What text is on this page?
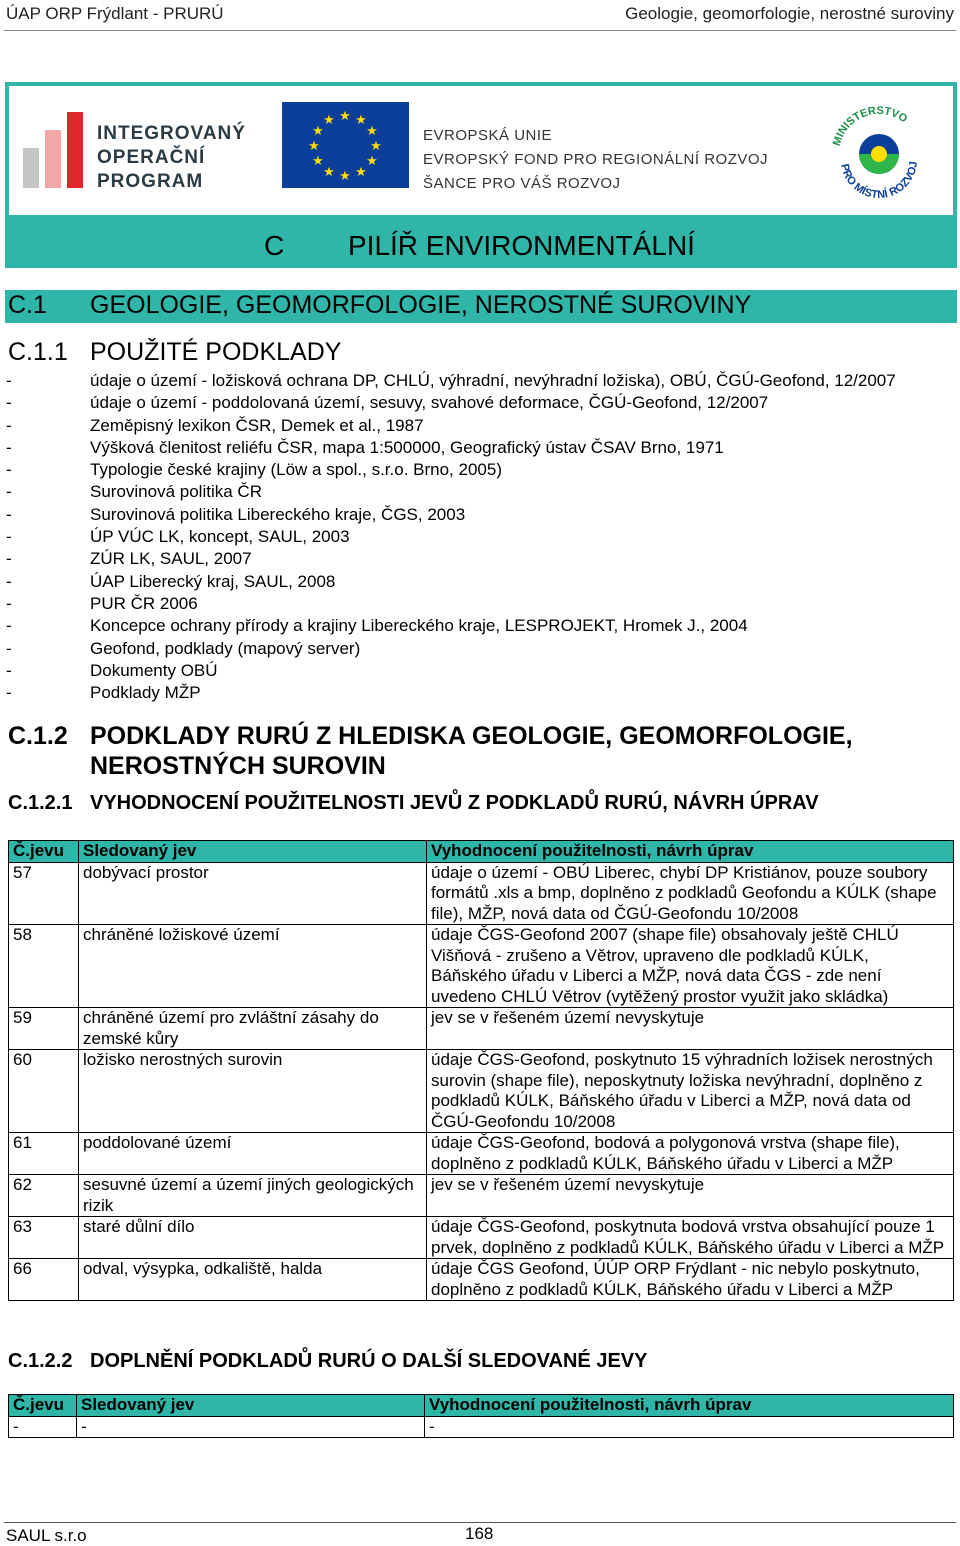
ÚAP ORP Frýdlant - PRURÚ	Geologie, geomorfologie, nerostné suroviny
INTEGROVANÝ
OPERAČNÍ
PROGRAM
★ ★
★
★
★
★
★
★
★
★
★
★
EVROPSKÁ UNIE
EVROPSKÝ FOND PRO REGIONÁLNÍ ROZVOJ
ŠANCE PRO VÁŠ ROZVOJ
MINISTERSTVO
PRO MÍSTNÍ ROZVOJ
C PILÍŘ ENVIRONMENTÁLNÍ
C.1 GEOLOGIE, GEOMORFOLOGIE, NEROSTNÉ SUROVINY
C.1.1 POUŽITÉ PODKLADY
-	údaje o území - ložisková ochrana DP, CHLÚ, výhradní, nevýhradní ložiska), OBÚ, ČGÚ-Geofond, 12/2007
-	údaje o území - poddolovaná území, sesuvy, svahové deformace, ČGÚ-Geofond, 12/2007
-	Zeměpisný lexikon ČSR, Demek et al., 1987
-	Výšková členitost reliéfu ČSR, mapa 1:500000, Geografický ústav ČSAV Brno, 1971
-	Typologie české krajiny (Löw a spol., s.r.o. Brno, 2005)
-	Surovinová politika ČR
-	Surovinová politika Libereckého kraje, ČGS, 2003
-	ÚP VÚC LK, koncept, SAUL, 2003
-	ZÚR LK, SAUL, 2007
-	ÚAP Liberecký kraj, SAUL, 2008
-	PUR ČR 2006
-	Koncepce ochrany přírody a krajiny Libereckého kraje, LESPROJEKT, Hromek J., 2004
-	Geofond, podklady (mapový server)
-	Dokumenty OBÚ
-	Podklady MŽP
C.1.2 PODKLADY RURÚ Z HLEDISKA GEOLOGIE, GEOMORFOLOGIE,
NEROSTNÝCH SUROVIN
C.1.2.1 VYHODNOCENÍ POUŽITELNOSTI JEVŮ Z PODKLADŮ RURÚ, NÁVRH ÚPRAV
Č.jevu	Sledovaný jev	Vyhodnocení použitelnosti, návrh úprav
57	dobývací prostor	údaje o území - OBÚ Liberec, chybí DP Kristiánov, pouze soubory formátů .xls a bmp, doplněno z podkladů Geofondu a KÚLK (shape file), MŽP, nová data od ČGÚ-Geofondu 10/2008
58	chráněné ložiskové území	údaje ČGS-Geofond 2007 (shape file) obsahovaly ještě CHLÚ Višňová - zrušeno a Větrov, upraveno dle podkladů KÚLK, Báňského úřadu v Liberci a MŽP, nová data ČGS - zde není uvedeno CHLÚ Větrov (vytěžený prostor využit jako skládka)
59	chráněné území pro zvláštní zásahy do zemské kůry	jev se v řešeném území nevyskytuje
60	ložisko nerostných surovin	údaje ČGS-Geofond, poskytnuto 15 výhradních ložisek nerostných surovin (shape file), neposkytnuty ložiska nevýhradní, doplněno z podkladů KÚLK, Báňského úřadu v Liberci a MŽP, nová data od ČGÚ-Geofondu 10/2008
61	poddolované území	údaje ČGS-Geofond, bodová a polygonová vrstva (shape file), doplněno z podkladů KÚLK, Báňského úřadu v Liberci a MŽP
62	sesuvné území a území jiných geologických rizik	jev se v řešeném území nevyskytuje
63	staré důlní dílo	údaje ČGS-Geofond, poskytnuta bodová vrstva obsahující pouze 1 prvek, doplněno z podkladů KÚLK, Báňského úřadu v Liberci a MŽP
66	odval, výsypka, odkaliště, halda	údaje ČGS Geofond, ÚÚP ORP Frýdlant - nic nebylo poskytnuto, doplněno z podkladů KÚLK, Báňského úřadu v Liberci a MŽP
C.1.2.2 DOPLNĚNÍ PODKLADŮ RURÚ O DALŠÍ SLEDOVANÉ JEVY
Č.jevu	Sledovaný jev	Vyhodnocení použitelnosti, návrh úprav
-	-	-
SAUL s.r.o	168
